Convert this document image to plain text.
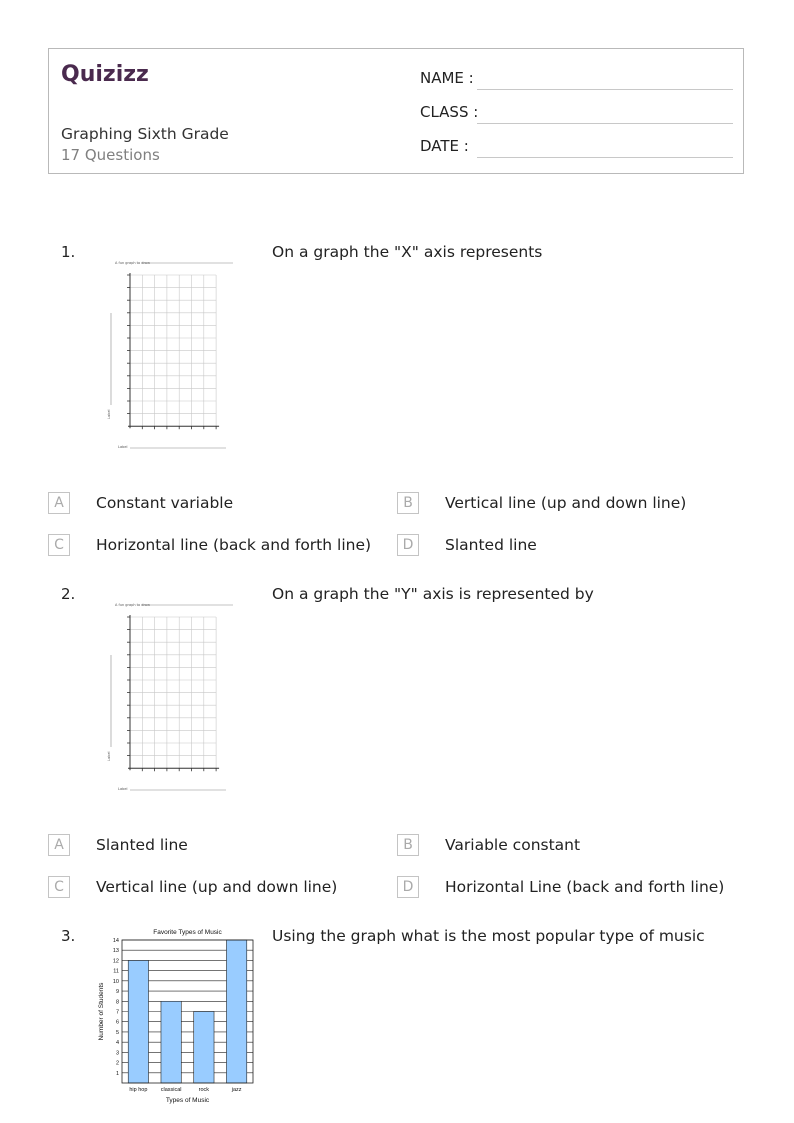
Quizizz
Graphing Sixth Grade
17 Questions
NAME :
CLASS :
DATE :
1.	On a graph the "X" axis represents
A fun graph to draw
Label
Label
A	Constant variable	B	Vertical line (up and down line)
C	Horizontal line (back and forth line)	D	Slanted line
2.	On a graph the "Y" axis is represented by
A fun graph to draw
Label
Label
A	Slanted line	B	Variable constant
C	Vertical line (up and down line)	D	Horizontal Line (back and forth line)
3.	Using the graph what is the most popular type of music
Favorite Types of Music
1
2
3
4
5
6
7
8
9
10
11
12
13
14
hip hop classical	rock	jazz
Types of Music
Number of Students
